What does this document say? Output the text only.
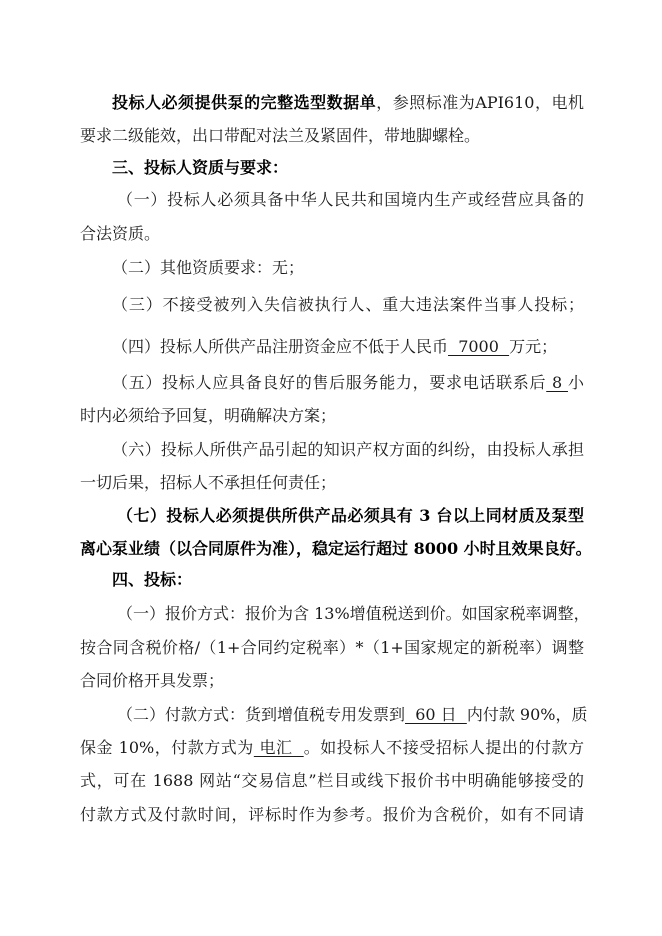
投标人必须提供泵的完整选型数据单，参照标准为API610，电机
要求二级能效，出口带配对法兰及紧固件，带地脚螺栓。
三、投标人资质与要求：
（一）投标人必须具备中华人民共和国境内生产或经营应具备的
合法资质。
（二）其他资质要求：无；
（三）不接受被列入失信被执行人、重大违法案件当事人投标；
（四）投标人所供产品注册资金应不低于人民币  7000  万元；
（五）投标人应具备良好的售后服务能力，要求电话联系后 8 小
时内必须给予回复，明确解决方案；
（六）投标人所供产品引起的知识产权方面的纠纷，由投标人承担
一切后果，招标人不承担任何责任；
（七）投标人必须提供所供产品必须具有 3 台以上同材质及泵型
离心泵业绩（以合同原件为准），稳定运行超过 8000 小时且效果良好。
四、投标：
（一）报价方式：报价为含 13%增值税送到价。如国家税率调整，
按合同含税价格/（1+合同约定税率）*（1+国家规定的新税率）调整
合同价格开具发票；
（二）付款方式：货到增值税专用发票到  60 日  内付款 90%，质
保金 10%，付款方式为 电汇  。如投标人不接受招标人提出的付款方
式，可在 1688 网站“交易信息”栏目或线下报价书中明确能够接受的
付款方式及付款时间，评标时作为参考。报价为含税价，如有不同请
